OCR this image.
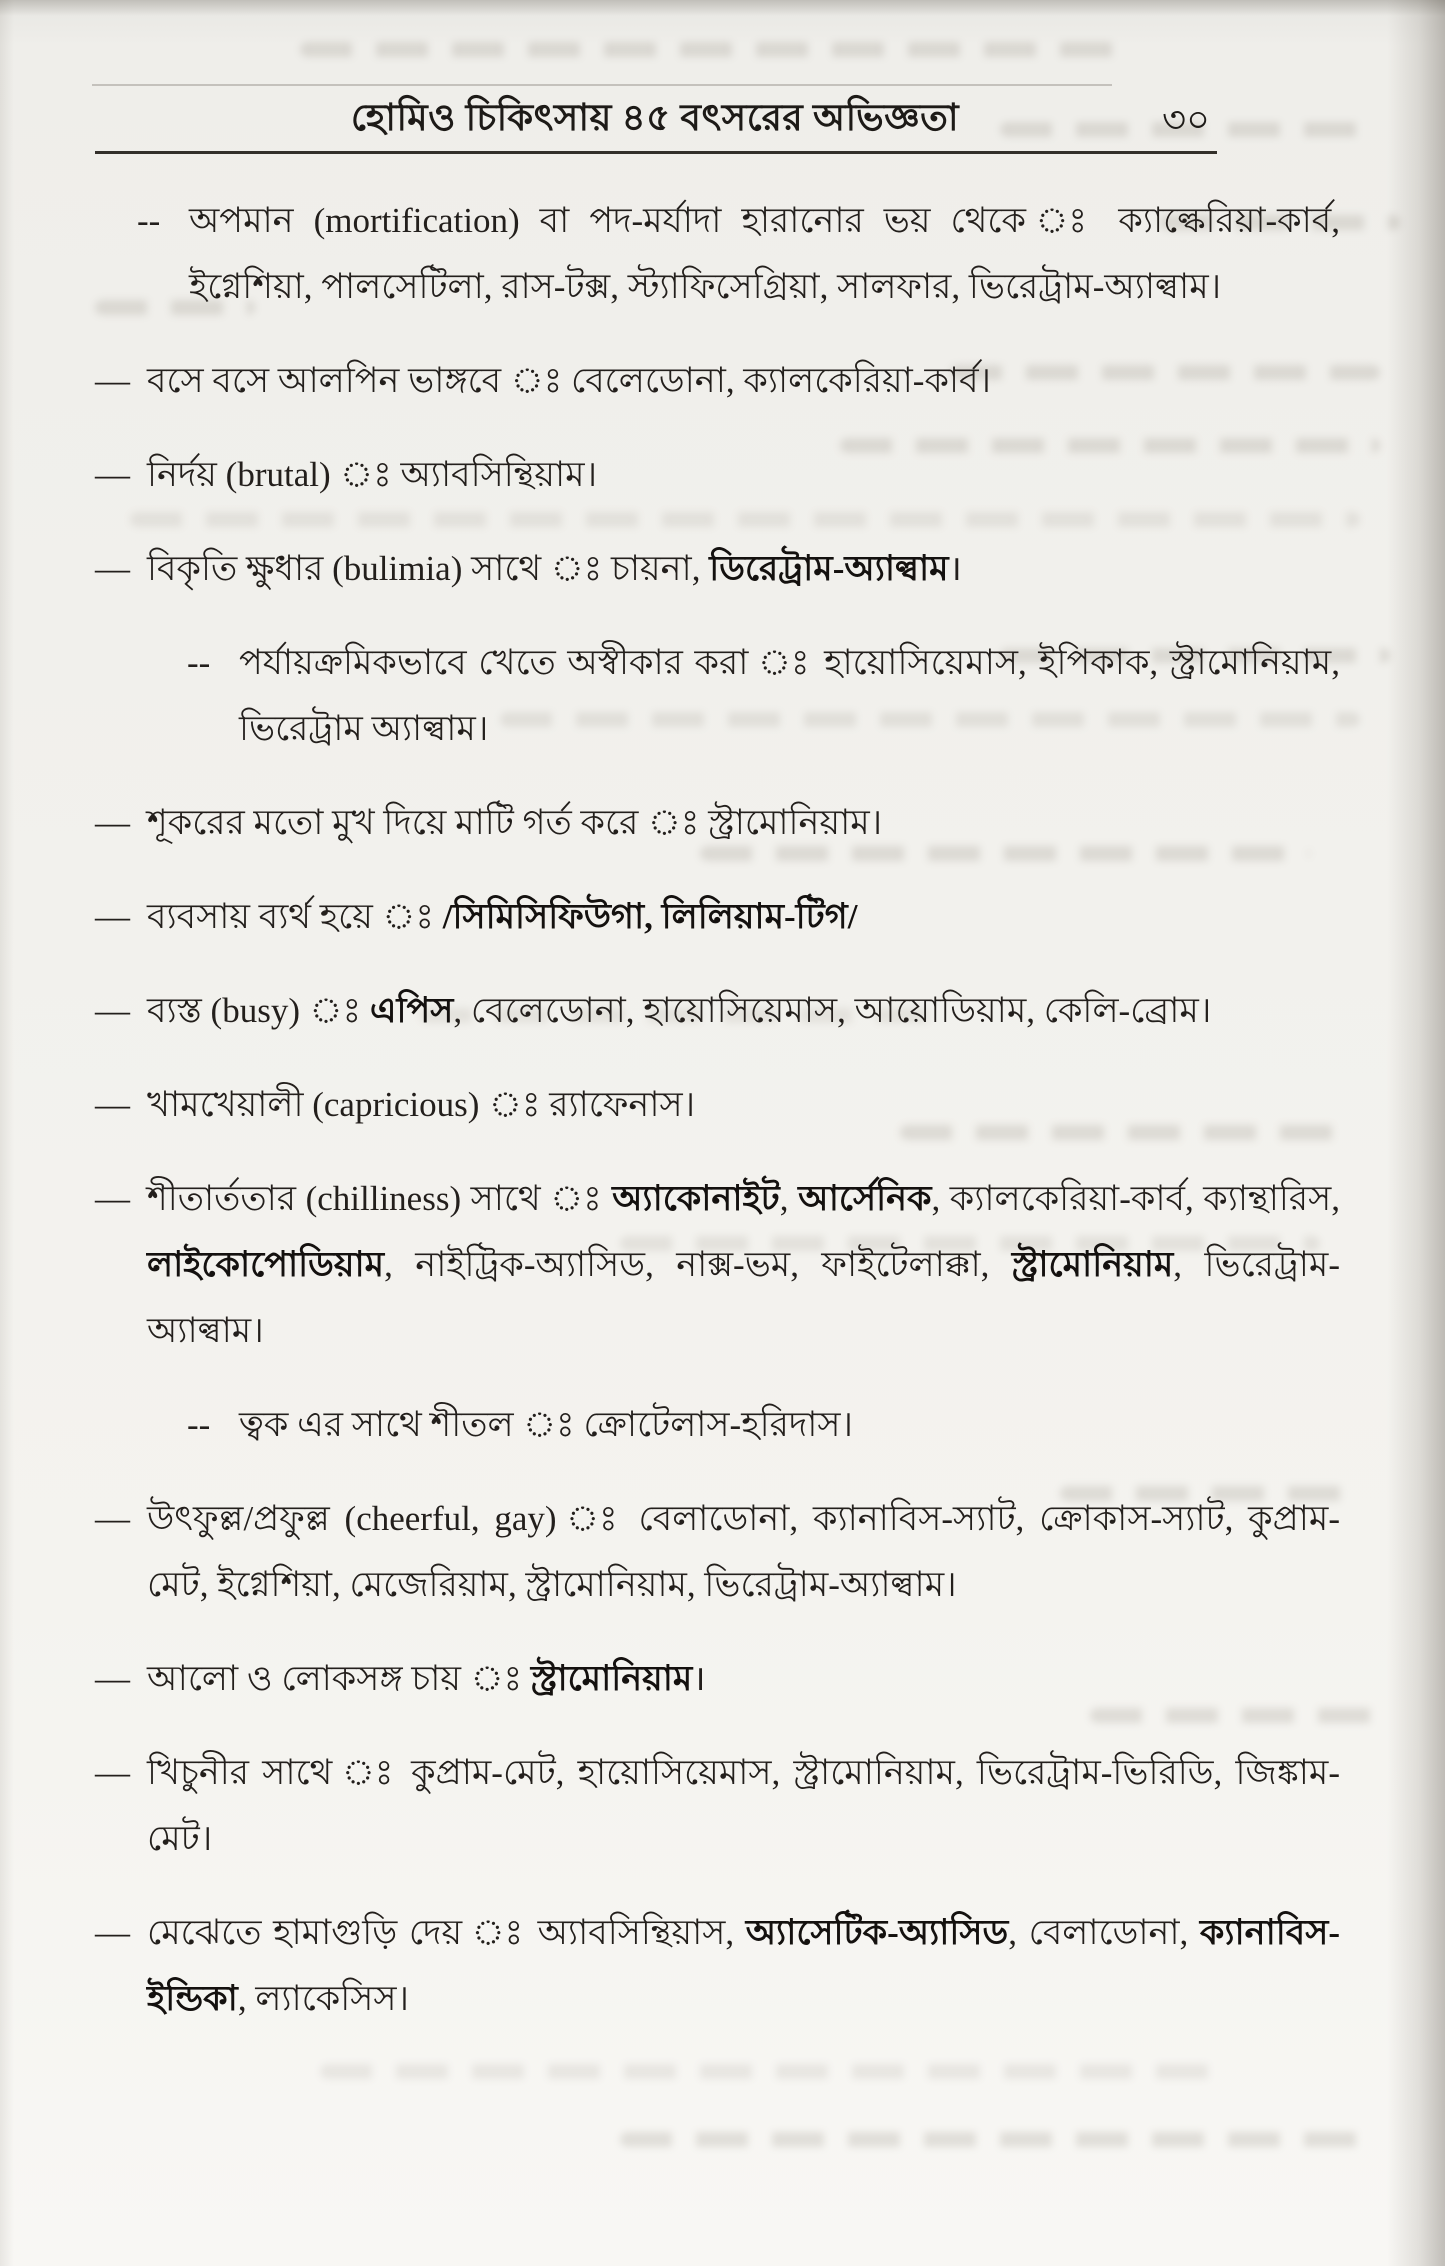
হোমিও চিকিৎসায় ৪৫ বৎসরের অভিজ্ঞতা	৩০
-- অপমান (mortification) বা পদ-মর্যাদা হারানোর ভয় থেকে ঃ ক্যাল্কেরিয়া-কার্ব, ইগ্নেশিয়া, পালসেটিলা, রাস-টক্স, স্ট্যাফিসেগ্রিয়া, সালফার, ভিরেট্রাম-অ্যাল্বাম।

— বসে বসে আলপিন ভাঙ্গবে ঃ বেলেডোনা, ক্যালকেরিয়া-কার্ব।

— নির্দয় (brutal) ঃ অ্যাবসিন্থিয়াম।

— বিকৃতি ক্ষুধার (bulimia) সাথে ঃ চায়না, ডিরেট্রাম-অ্যাল্বাম।

-- পর্যায়ক্রমিকভাবে খেতে অস্বীকার করা ঃ হায়োসিয়েমাস, ইপিকাক, স্ট্রামোনিয়াম, ভিরেট্রাম অ্যাল্বাম।

— শূকরের মতো মুখ দিয়ে মাটি গর্ত করে ঃ স্ট্রামোনিয়াম।

— ব্যবসায় ব্যর্থ হয়ে ঃ /সিমিসিফিউগা, লিলিয়াম-টিগ/

— ব্যস্ত (busy) ঃ এপিস, বেলেডোনা, হায়োসিয়েমাস, আয়োডিয়াম, কেলি-ব্রোম।

— খামখেয়ালী (capricious) ঃ র‍্যাফেনাস।

— শীতার্ততার (chilliness) সাথে ঃ অ্যাকোনাইট, আর্সেনিক, ক্যালকেরিয়া-কার্ব, ক্যান্থারিস, লাইকোপোডিয়াম, নাইট্রিক-অ্যাসিড, নাক্স-ভম, ফাইটেলাক্কা, স্ট্রামোনিয়াম, ভিরেট্রাম-অ্যাল্বাম।

-- ত্বক এর সাথে শীতল ঃ ক্রোটেলাস-হরিদাস।

— উৎফুল্ল/প্রফুল্ল (cheerful, gay) ঃ বেলাডোনা, ক্যানাবিস-স্যাট, ক্রোকাস-স্যাট, কুপ্রাম-মেট, ইগ্নেশিয়া, মেজেরিয়াম, স্ট্রামোনিয়াম, ভিরেট্রাম-অ্যাল্বাম।

— আলো ও লোকসঙ্গ চায় ঃ স্ট্রামোনিয়াম।

— খিচুনীর সাথে ঃ কুপ্রাম-মেট, হায়োসিয়েমাস, স্ট্রামোনিয়াম, ভিরেট্রাম-ভিরিডি, জিঙ্কাম-মেট।

— মেঝেতে হামাগুড়ি দেয় ঃ অ্যাবসিন্থিয়াস, অ্যাসেটিক-অ্যাসিড, বেলাডোনা, ক্যানাবিস-ইন্ডিকা, ল্যাকেসিস।
